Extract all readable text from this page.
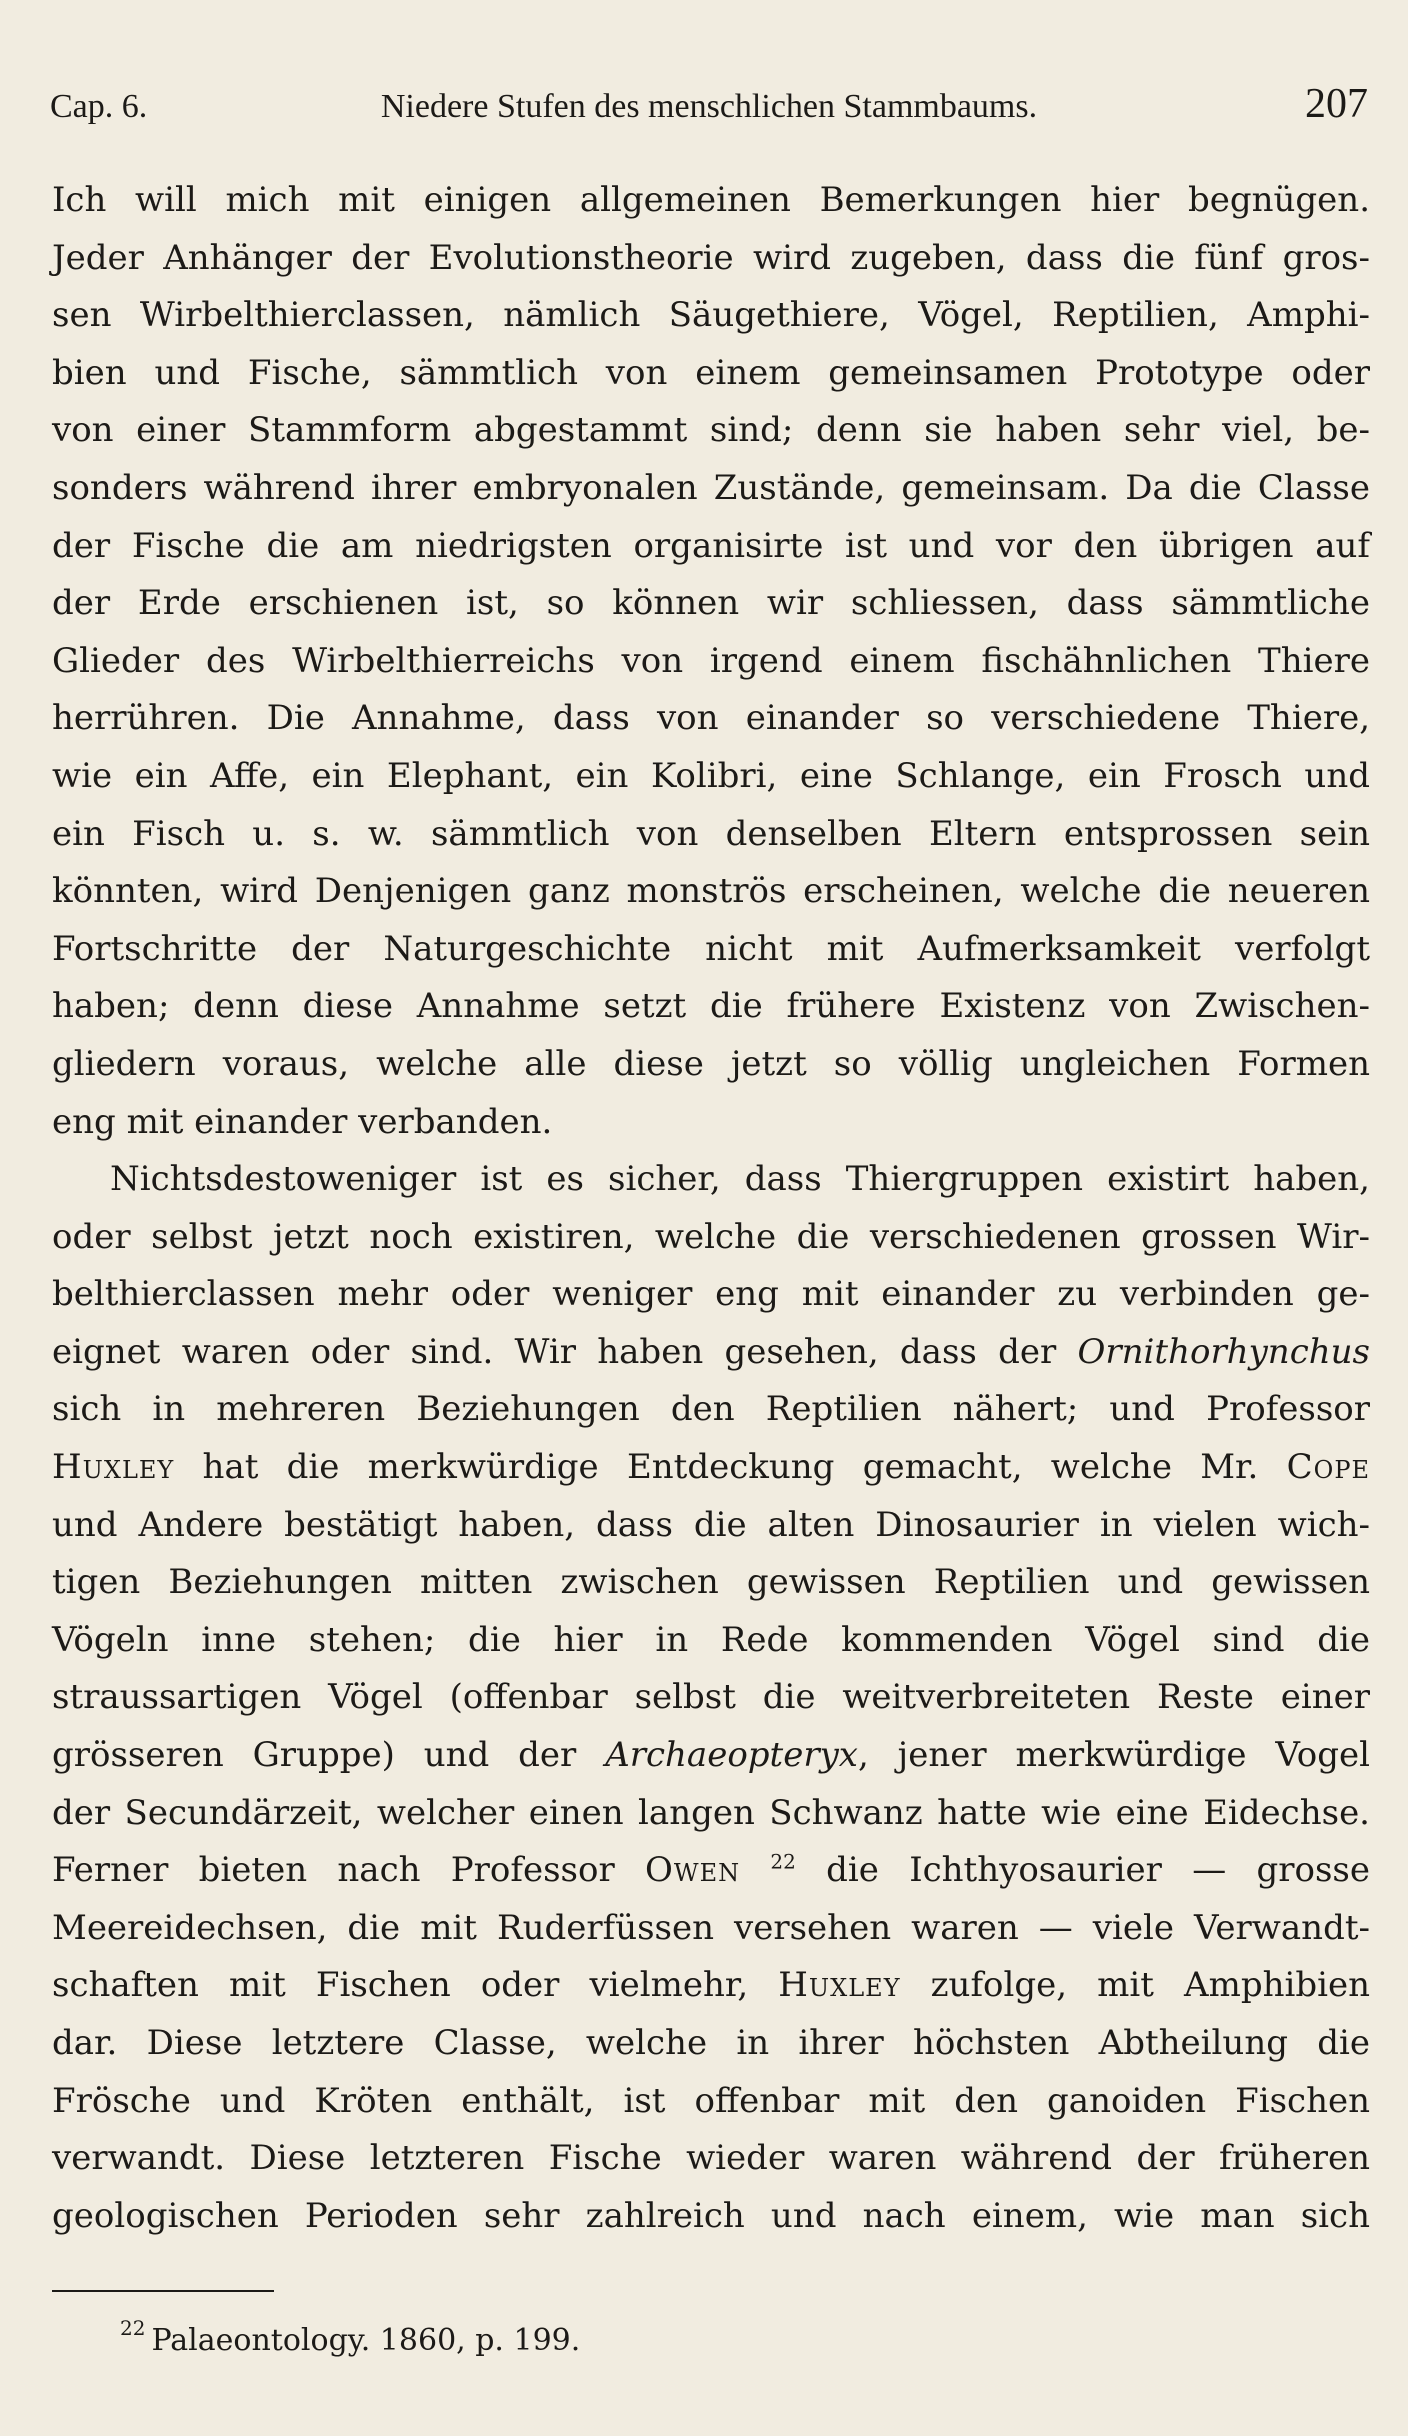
Cap. 6.	Niedere Stufen des menschlichen Stammbaums.	207
Ich will mich mit einigen allgemeinen Bemerkungen hier begnügen.
Jeder Anhänger der Evolutionstheorie wird zugeben, dass die fünf gros-
sen Wirbelthierclassen, nämlich Säugethiere, Vögel, Reptilien, Amphi-
bien und Fische, sämmtlich von einem gemeinsamen Prototype oder
von einer Stammform abgestammt sind; denn sie haben sehr viel, be-
sonders während ihrer embryonalen Zustände, gemeinsam. Da die Classe
der Fische die am niedrigsten organisirte ist und vor den übrigen auf
der Erde erschienen ist, so können wir schliessen, dass sämmtliche
Glieder des Wirbelthierreichs von irgend einem fischähnlichen Thiere
herrühren. Die Annahme, dass von einander so verschiedene Thiere,
wie ein Affe, ein Elephant, ein Kolibri, eine Schlange, ein Frosch und
ein Fisch u. s. w. sämmtlich von denselben Eltern entsprossen sein
könnten, wird Denjenigen ganz monströs erscheinen, welche die neueren
Fortschritte der Naturgeschichte nicht mit Aufmerksamkeit verfolgt
haben; denn diese Annahme setzt die frühere Existenz von Zwischen-
gliedern voraus, welche alle diese jetzt so völlig ungleichen Formen
eng mit einander verbanden.
Nichtsdestoweniger ist es sicher, dass Thiergruppen existirt haben,
oder selbst jetzt noch existiren, welche die verschiedenen grossen Wir-
belthierclassen mehr oder weniger eng mit einander zu verbinden ge-
eignet waren oder sind. Wir haben gesehen, dass der Ornithorhynchus
sich in mehreren Beziehungen den Reptilien nähert; und Professor
Huxley hat die merkwürdige Entdeckung gemacht, welche Mr. Cope
und Andere bestätigt haben, dass die alten Dinosaurier in vielen wich-
tigen Beziehungen mitten zwischen gewissen Reptilien und gewissen
Vögeln inne stehen; die hier in Rede kommenden Vögel sind die
straussartigen Vögel (offenbar selbst die weitverbreiteten Reste einer
grösseren Gruppe) und der Archaeopteryx, jener merkwürdige Vogel
der Secundärzeit, welcher einen langen Schwanz hatte wie eine Eidechse.
Ferner bieten nach Professor Owen $^{22}$ die Ichthyosaurier — grosse
Meereidechsen, die mit Ruderfüssen versehen waren — viele Verwandt-
schaften mit Fischen oder vielmehr, Huxley zufolge, mit Amphibien
dar. Diese letztere Classe, welche in ihrer höchsten Abtheilung die
Frösche und Kröten enthält, ist offenbar mit den ganoiden Fischen
verwandt. Diese letzteren Fische wieder waren während der früheren
geologischen Perioden sehr zahlreich und nach einem, wie man sich
$^{22}$ Palaeontology. 1860, p. 199.
